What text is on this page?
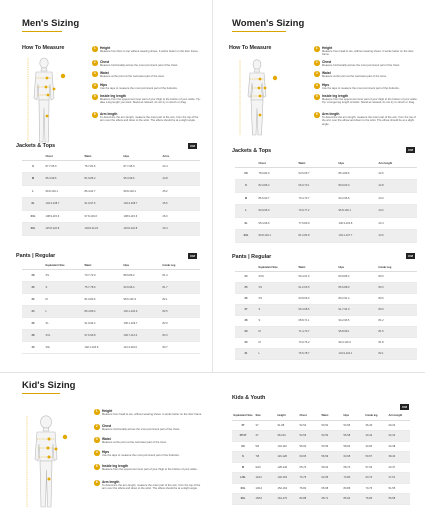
Men's Sizing
How To Measure	1	Height
Measure from floor to top without wearing shoes. It works better on the door frame.
2	Chest
Measure horizontally across the most prominent part of the chest.
3	Waist
Measure at the point at the narrowest part of the torso.
4	Hips
Use the tape to measure the most prominent part of the buttocks.
5	Inside leg length
Measure from the uppermost inner part of your thigh to the bottom of your ankle. Tip: take a leg length you want. Stand as relaxed, do not try to strech or drag.
6	Arm length
To determine the arm length, measure the outer part of the arm, from the top of the arm over the elbow and down to the wrist. The elbow should be at a slight angle.
Jackets & Tops	CM
	Chest	Waist	Hips	Arms
S	87.7-95.0	75.7-81.6	87.7-95.0	24.4
M	95.3-99.6	81.9-86.2	95.3-99.6	24.8
L	99.8-104.1	86.4-91.7	99.8-104.1	25.2
XL	104.3-108.7	91.9-97.6	104.3-108.7	25.6
XXL	108.9-115.6	97.8-104.6	108.9-115.6	26.0
3XL	115.8-122.8	104.8-111.8	115.8-122.8	26.4
Pants | Regular	CM
	Equivalent Size	Waist	Hips	Inside Leg
28	XS	70.7-72.9	88.9-89.2	81.3
30	S	75.7-78.9	93.9-96.4	81.7
32	M	81.3-83.6	98.6-101.9	82.1
34	L	86.4-89.4	102.1-104.9	82.5
36	XL	91.9-94.2	105.1-109.7	82.9
38	XXL	97.6-99.8	109.7-113.0	83.3
40	3XL	102.1-104.9	113.3-116.6	83.7
Women's Sizing
How To Measure	1	Height
Measure from head to toe, without wearing shoes. It works better on the door frame.
2	Chest
Measure horizontally across the most prominent part of the chest.
3	Waist
Measure at the point at the narrowest part of the torso.
4	Hips
Use the tape to measure the most prominent part of the buttocks.
5	Inside leg length
Measure from the uppermost inner part of your thigh to the bottom of your ankle. Tip: a longer leg length is better. Stand as relaxed, do not try to strech or drag.
6	Arm length
To determine the arm length, measure the outer part of the arm, from the top of the arm over the elbow and down to the wrist. The elbow should be at a slight angle.
Jackets & Tops	CM
	Chest	Waist	Hips	Arm length
XS	78.0-82.0	63.5-66.7	86.4-89.6	22.6
S	82.3-86.4	66.9-70.1	89.9-93.0	22.8
M	86.6-90.7	70.4-73.7	93.2-96.5	23.0
L	90.9-95.0	73.9-77.2	96.8-100.1	23.2
XL	95.3-99.6	77.5-80.9	100.3-103.8	23.4
XXL	99.8-104.1	81.2-84.8	104.1-107.7	23.6
Pants | Regular	CM
	Equivalent Size	Waist	Hips	Inside Leg
24	XXS	59.4-61.0	84.8-86.4	80.0
25	XS	61.2-63.5	86.6-88.9	80.3
26	XS	63.8-66.0	89.2-91.4	80.6
27	S	66.3-68.6	91.7-94.0	80.9
28	S	68.8-71.1	94.2-96.5	81.2
29	M	71.4-73.7	96.8-99.1	81.5
30	M	73.9-76.2	99.3-101.6	81.8
31	L	76.5-78.7	101.9-104.1	82.1
Kid's Sizing
1	Height
Measure from head to toe, without wearing shoes. It works better on the door frame.
2	Chest
Measure horizontally across the most prominent part of the chest.
3	Waist
Measure at the point at the narrowest part of the torso.
4	Hips
Use the tape to measure the most prominent part of the buttocks.
5	Inside leg length
Measure from the uppermost inner part of your thigh to the bottom of your ankle.
6	Arm length
To determine the arm length, measure the outer part of the arm, from the top of the arm over the elbow and down to the wrist. The elbow should be at a slight angle.
Kids & Youth
CM
Equivalent Size	Size	Height	Chest	Waist	Hips	Inside leg	Arm length
3T	3Y	91-98	52-54	50-52	54-56	36-40	29-32
4T/4Y	4Y	98-104	54-56	52-53	56-58	40-44	32-34
XS	5/6	104-116	56-60	53-56	58-63	44-50	34-38
S	7/8	116-128	60-65	56-59	63-68	50-57	38-43
M	9/10	128-140	65-70	59-62	68-74	57-63	43-47
L/XL	11/12	140-152	70-76	62-65	74-80	63-70	47-51
XXL	13/14	152-164	76-82	65-68	80-86	70-76	51-55
3XL	15/16	164-170	82-88	68-71	86-92	76-80	55-58
